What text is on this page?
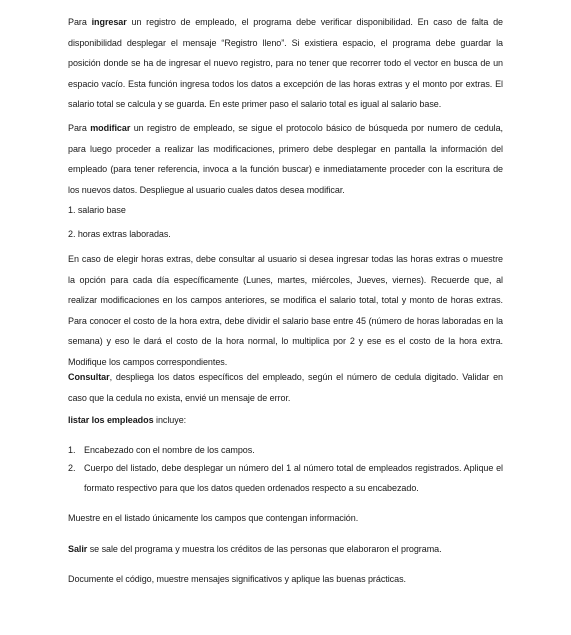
Para ingresar un registro de empleado, el programa debe verificar disponibilidad. En caso de falta de disponibilidad desplegar el mensaje “Registro lleno”. Si existiera espacio, el programa debe guardar la posición donde se ha de ingresar el nuevo registro, para no tener que recorrer todo el vector en busca de un espacio vacío. Esta función ingresa todos los datos a excepción de las horas extras y el monto por extras. El salario total se calcula y se guarda. En este primer paso el salario total es igual al salario base.

Para modificar un registro de empleado, se sigue el protocolo básico de búsqueda por numero de cedula, para luego proceder a realizar las modificaciones, primero debe desplegar en pantalla la información del empleado (para tener referencia, invoca a la función buscar) e inmediatamente proceder con la escritura de los nuevos datos. Despliegue al usuario cuales datos desea modificar.

1. salario base

2. horas extras laboradas.

En caso de elegir horas extras, debe consultar al usuario si desea ingresar todas las horas extras o muestre la opción para cada día específicamente (Lunes, martes, miércoles, Jueves, viernes). Recuerde que, al realizar modificaciones en los campos anteriores, se modifica el salario total, total y monto de horas extras. Para conocer el costo de la hora extra, debe dividir el salario base entre 45 (número de horas laboradas en la semana) y eso le dará el costo de la hora normal, lo multiplica por 2 y ese es el costo de la hora extra. Modifique los campos correspondientes.

Consultar, despliega los datos específicos del empleado, según el número de cedula digitado. Validar en caso que la cedula no exista, envié un mensaje de error.

listar los empleados incluye:

1. Encabezado con el nombre de los campos.
2. Cuerpo del listado, debe desplegar un número del 1 al número total de empleados registrados. Aplique el formato respectivo para que los datos queden ordenados respecto a su encabezado.

Muestre en el listado únicamente los campos que contengan información.

Salir se sale del programa y muestra los créditos de las personas que elaboraron el programa.

Documente el código, muestre mensajes significativos y aplique las buenas prácticas.
